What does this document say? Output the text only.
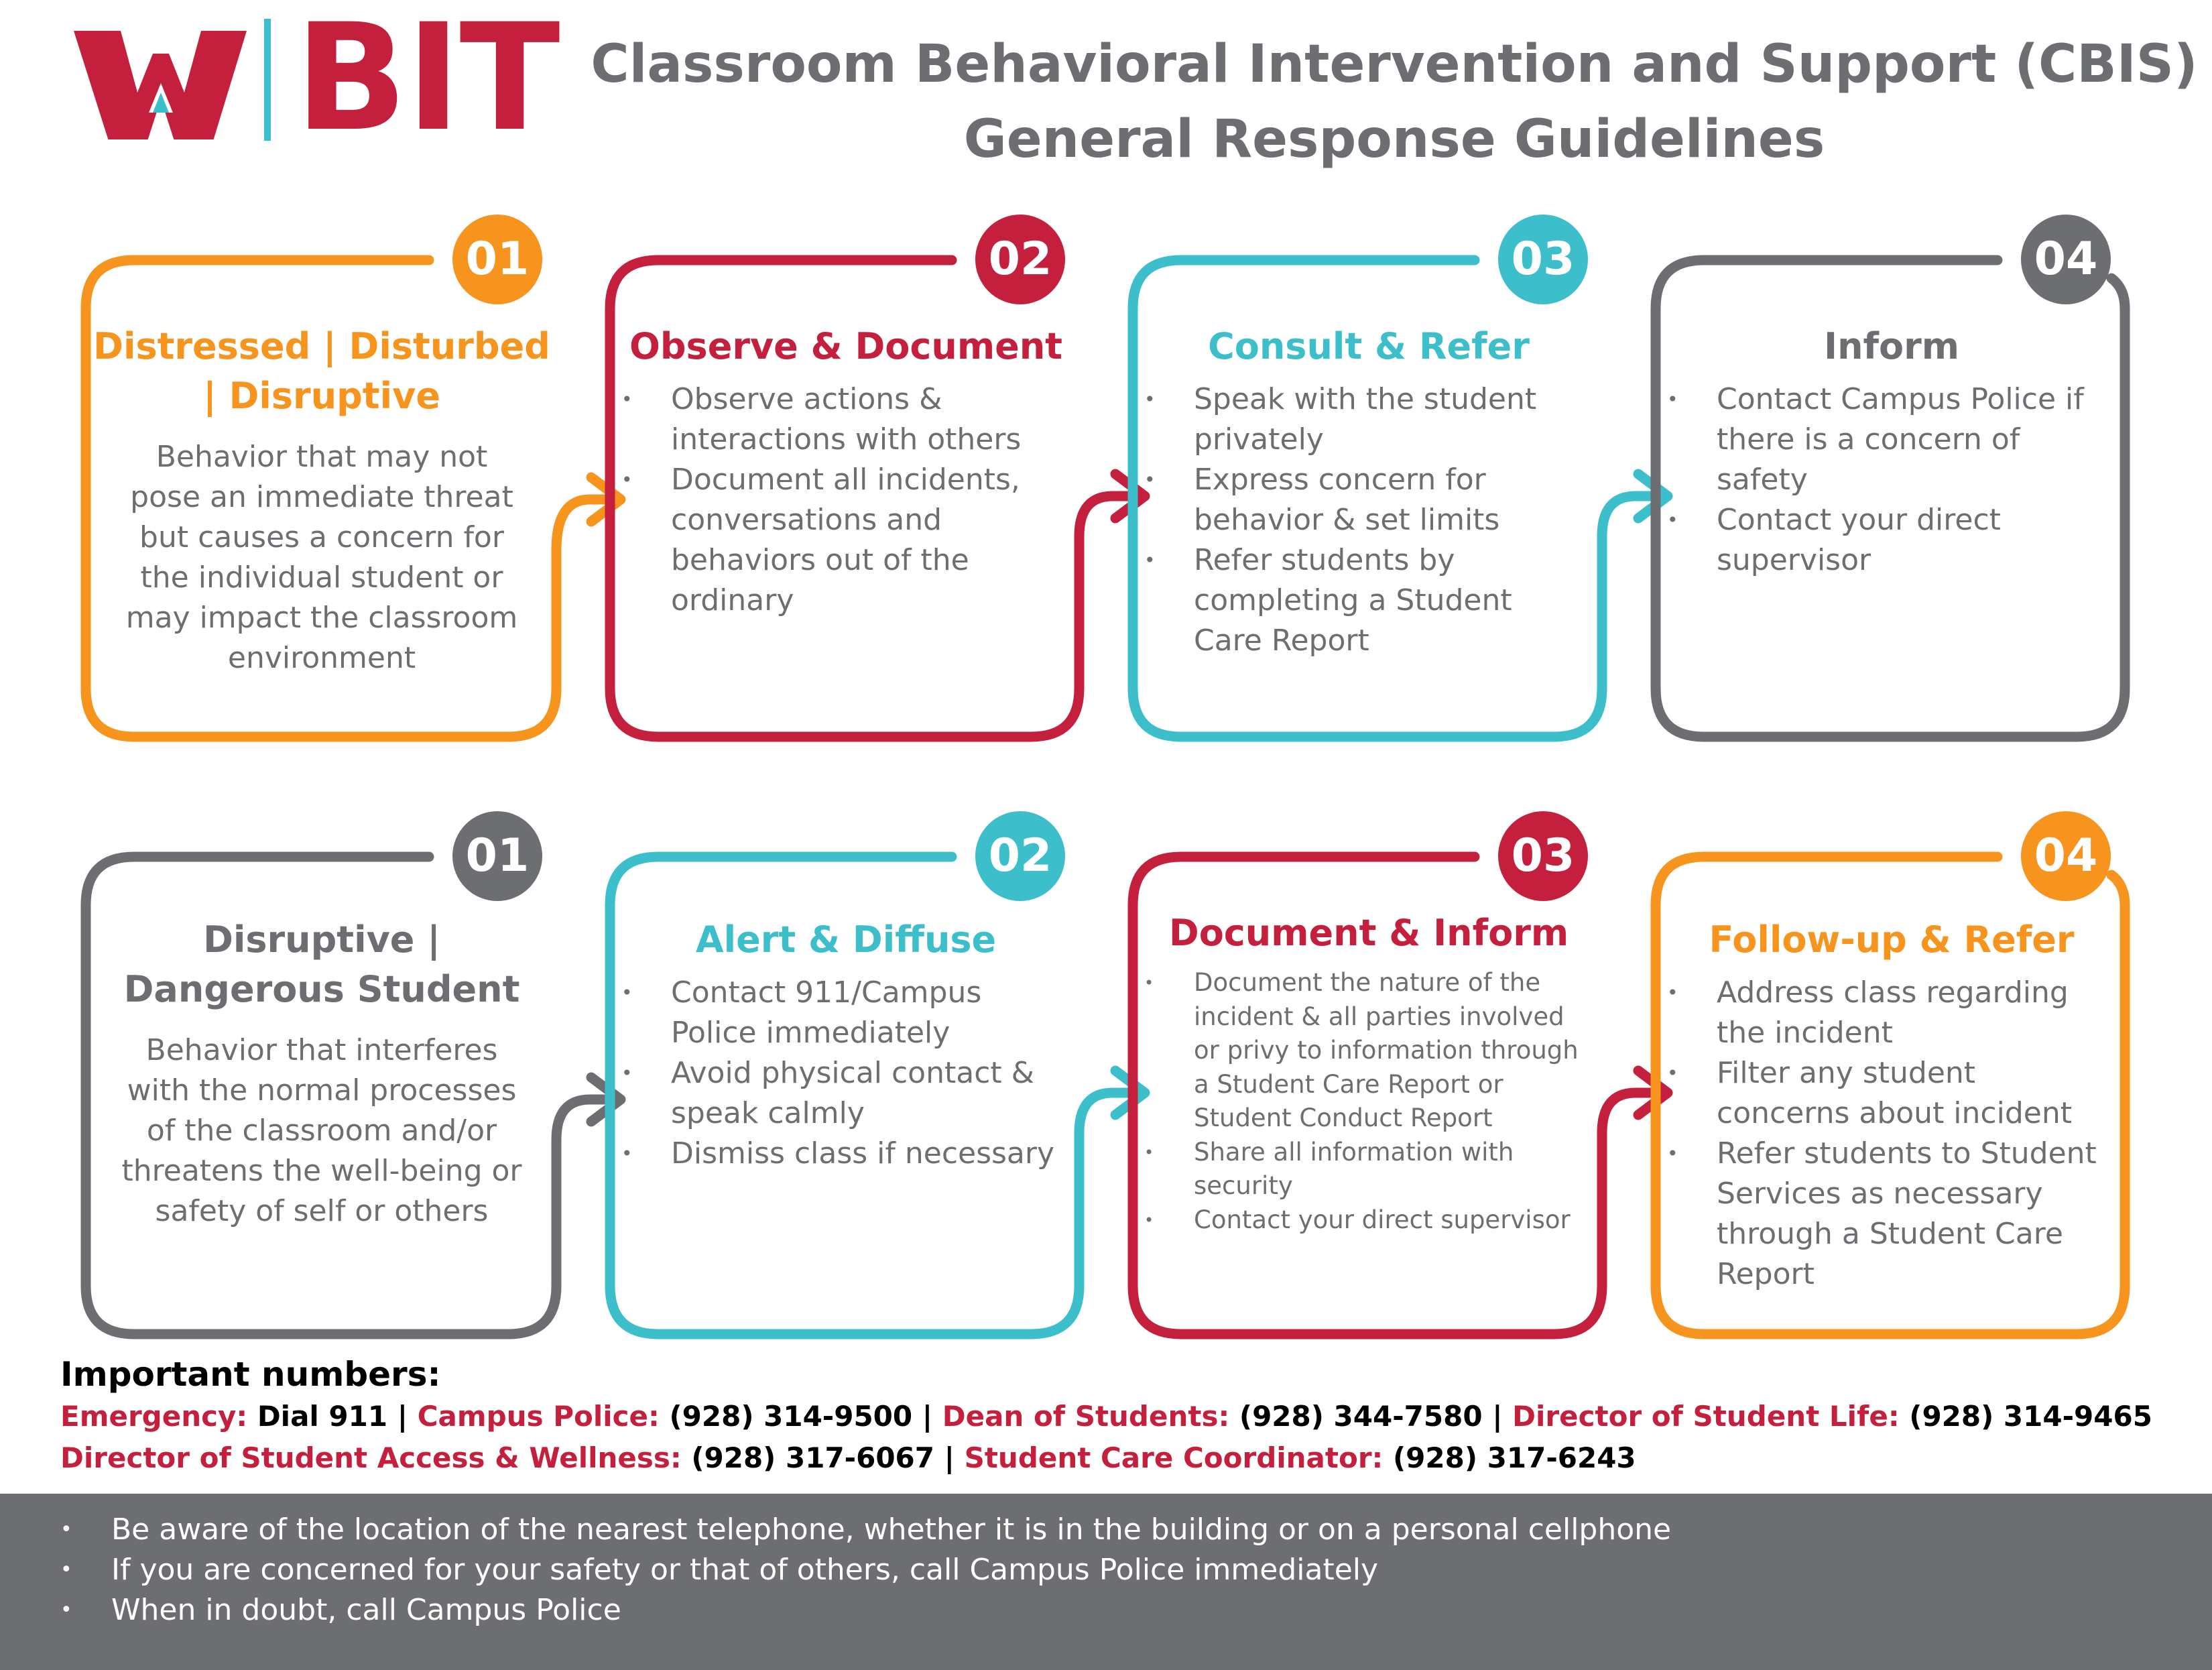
BIT Classroom Behavioral Intervention and Support (CBIS)
General Response Guidelines
01	02	03	04
01	02	03	04
Distressed | Disturbed | Disruptive
Behavior that may not pose an immediate threat but causes a concern for the individual student or may impact the classroom environment
Observe & Document
• Observe actions & interactions with others
• Document all incidents, conversations and behaviors out of the ordinary
Consult & Refer
• Speak with the student privately
• Express concern for behavior & set limits
• Refer students by completing a Student Care Report
Inform
• Contact Campus Police if there is a concern of safety
• Contact your direct supervisor
Disruptive | Dangerous Student
Behavior that interferes with the normal processes of the classroom and/or threatens the well-being or safety of self or others
Alert & Diffuse
• Contact 911/Campus Police immediately
• Avoid physical contact & speak calmly
• Dismiss class if necessary
Document & Inform
• Document the nature of the incident & all parties involved or privy to information through a Student Care Report or Student Conduct Report
• Share all information with security
• Contact your direct supervisor
Follow-up & Refer
• Address class regarding the incident
• Filter any student concerns about incident
• Refer students to Student Services as necessary through a Student Care Report
Important numbers:
Emergency: Dial 911 | Campus Police: (928) 314-9500 | Dean of Students: (928) 344-7580 | Director of Student Life: (928) 314-9465
Director of Student Access & Wellness: (928) 317-6067 | Student Care Coordinator: (928) 317-6243
• Be aware of the location of the nearest telephone, whether it is in the building or on a personal cellphone
• If you are concerned for your safety or that of others, call Campus Police immediately
• When in doubt, call Campus Police
